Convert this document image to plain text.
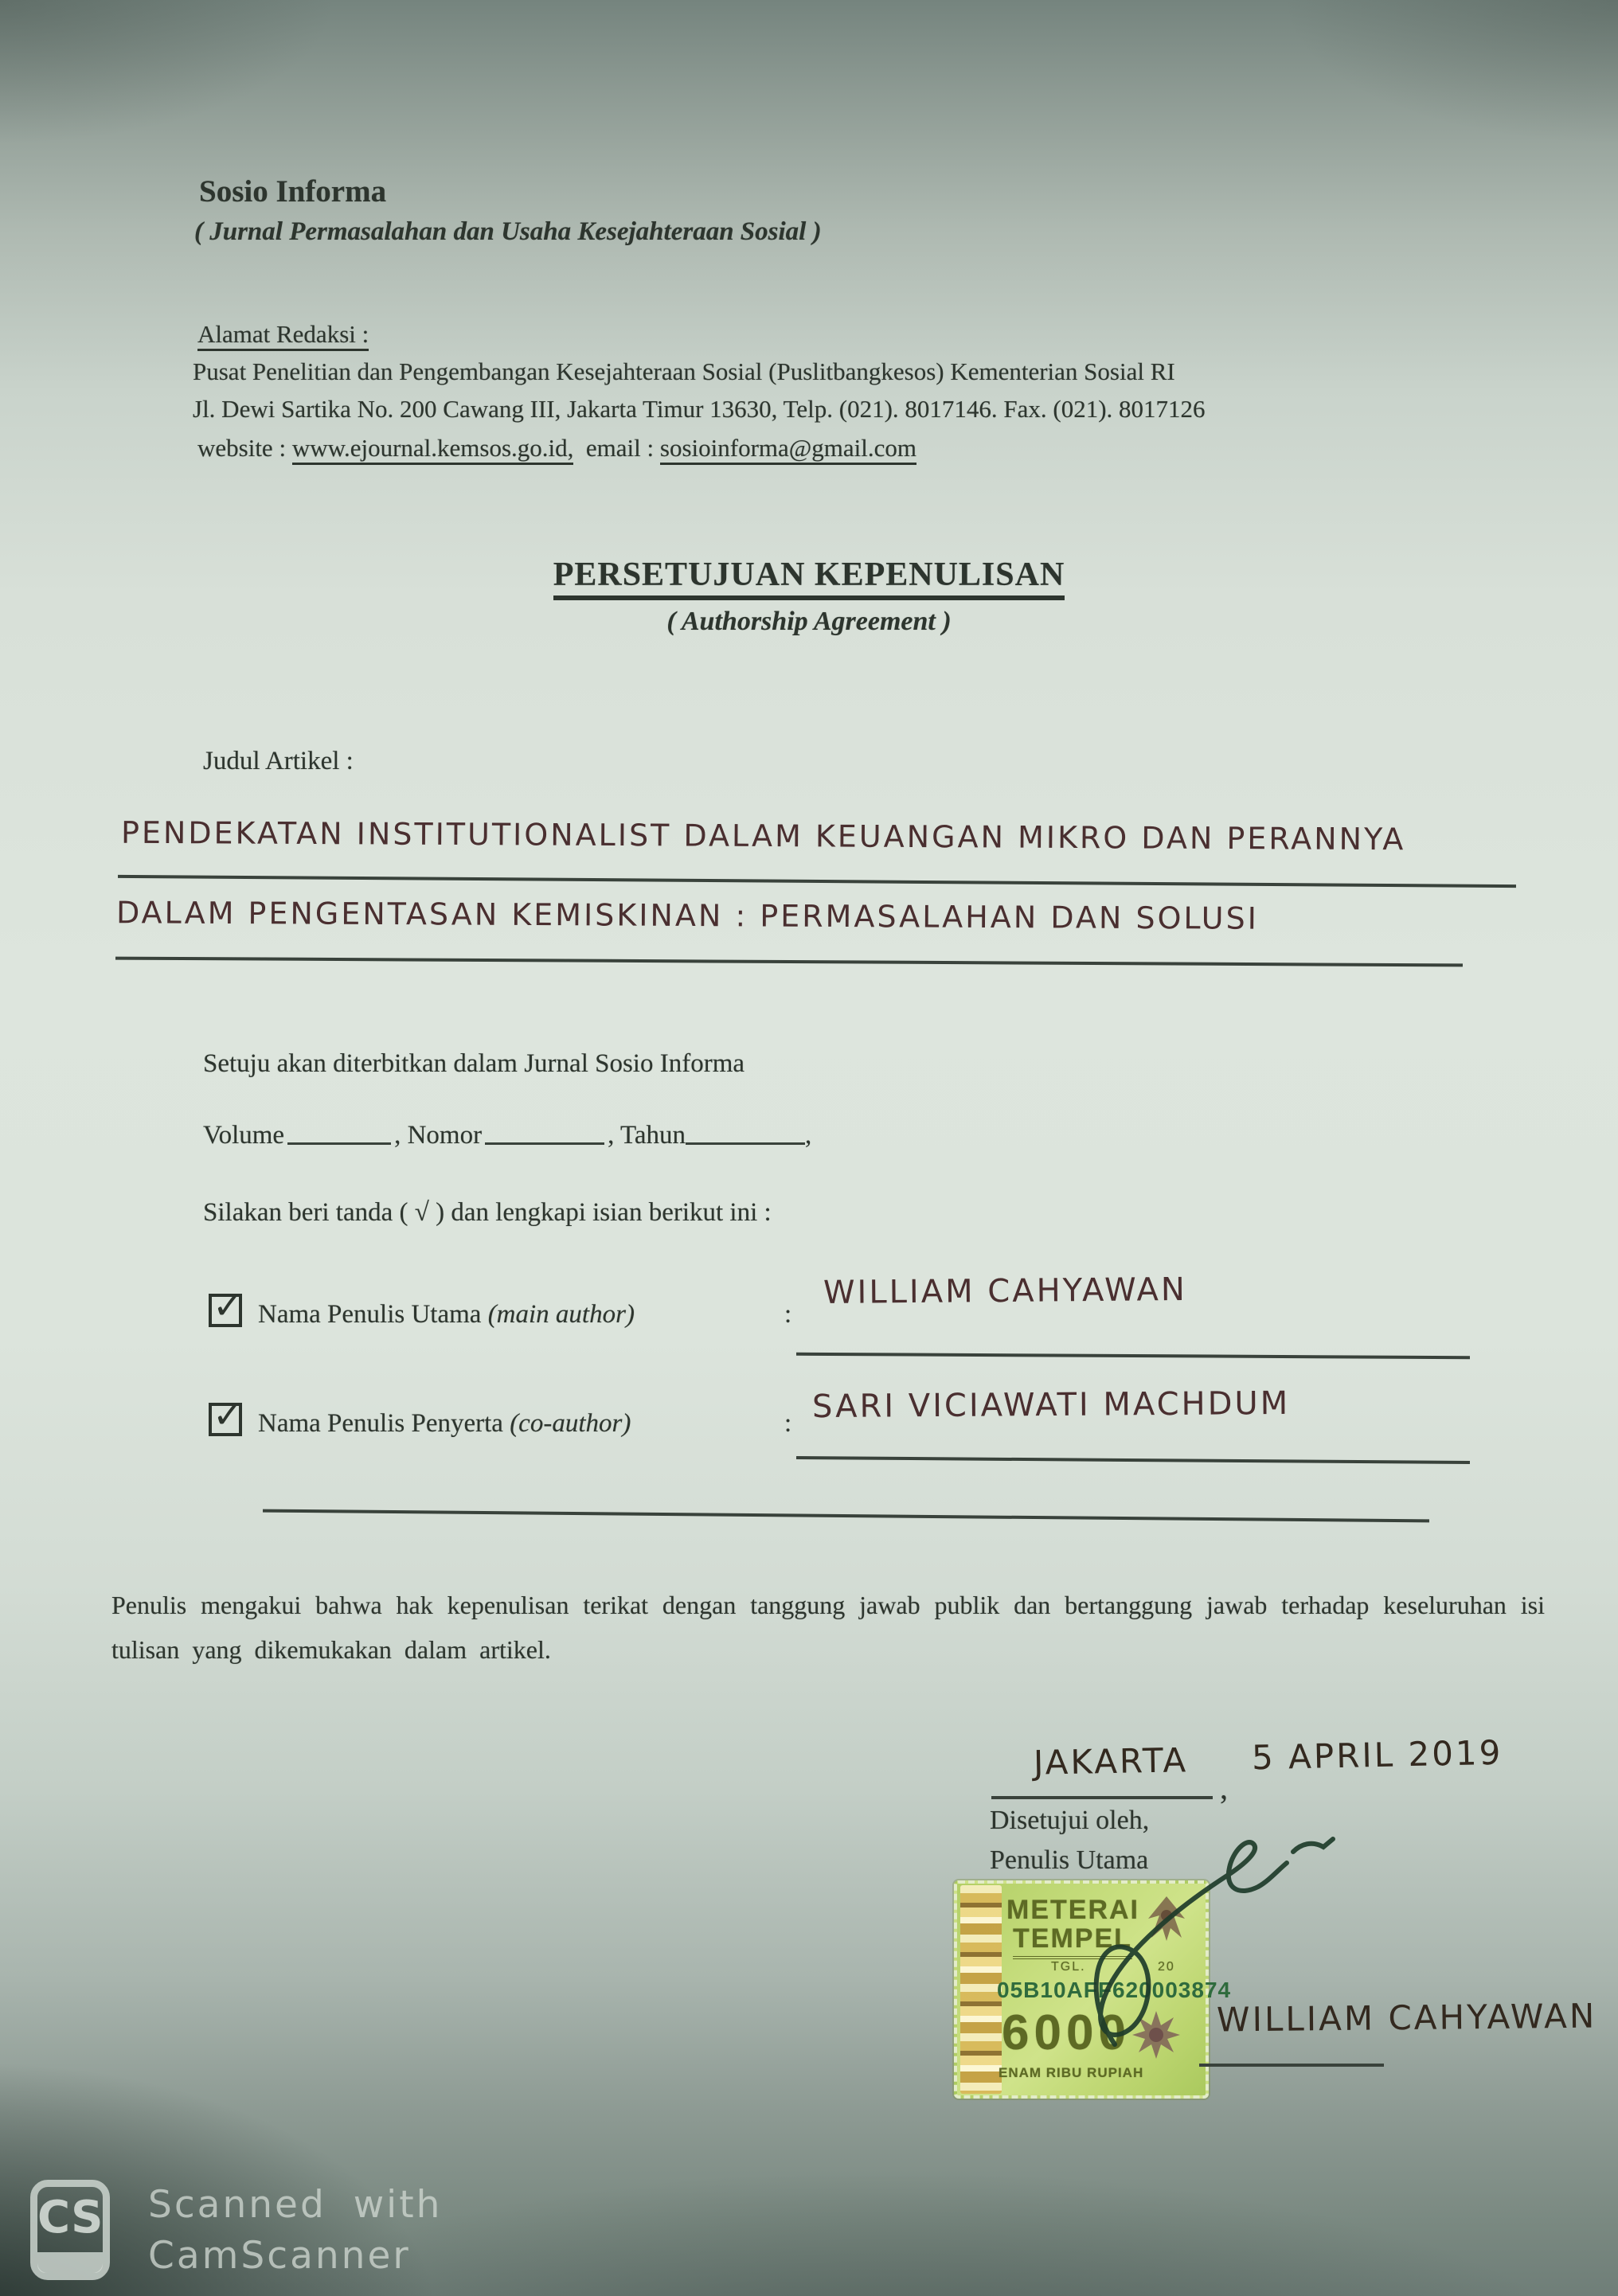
Sosio Informa
( Jurnal Permasalahan dan Usaha Kesejahteraan Sosial )
Alamat Redaksi :
Pusat Penelitian dan Pengembangan Kesejahteraan Sosial (Puslitbangkesos) Kementerian Sosial RI
Jl. Dewi Sartika No. 200 Cawang III, Jakarta Timur 13630, Telp. (021). 8017146. Fax. (021). 8017126
website : www.ejournal.kemsos.go.id,  email : sosioinforma@gmail.com
PERSETUJUAN KEPENULISAN
( Authorship Agreement )
Judul Artikel :
PENDEKATAN INSTITUTIONALIST DALAM KEUANGAN MIKRO DAN PERANNYA
DALAM PENGENTASAN KEMISKINAN : PERMASALAHAN DAN SOLUSI
Setuju akan diterbitkan dalam Jurnal Sosio Informa
Volume	, Nomor	, Tahun	,
Silakan beri tanda ( √ ) dan lengkapi isian berikut ini :
✓ Nama Penulis Utama (main author)	:
WILLIAM CAHYAWAN
✓ Nama Penulis Penyerta (co-author)	: SARI VICIAWATI MACHDUM
Penulis mengakui bahwa hak kepenulisan terikat dengan tanggung jawab publik dan bertanggung jawab terhadap keseluruhan isi tulisan yang dikemukakan dalam artikel.
JAKARTA
,
5 APRIL 2019
Disetujui oleh,
Penulis Utama
METERAI
TEMPEL
TGL.	20
05B10AFF620003874
6000
ENAM RIBU RUPIAH
WILLIAM CAHYAWAN
CS Scanned with
CamScanner
